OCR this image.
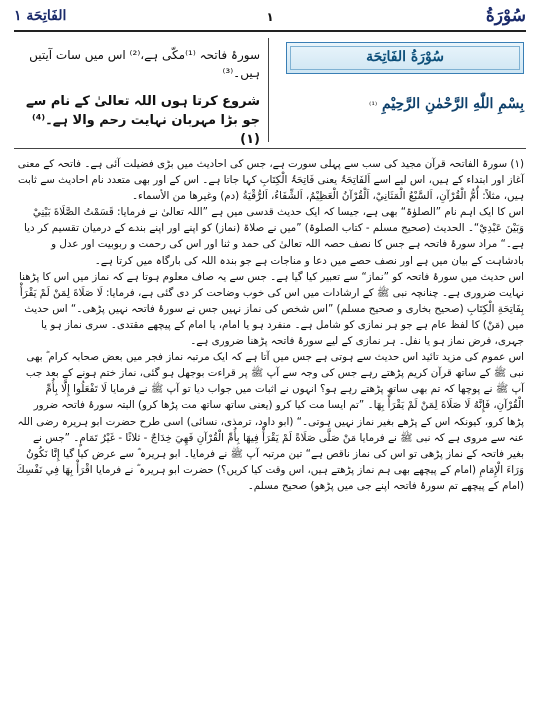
سُوْرَةُ
۱
الفَاتِحَة ۱
سُوْرَةُ الفَاتِحَة
بِسْمِ اللّٰهِ الرَّحْمٰنِ الرَّحِيْمِ ⁽¹⁾
سورۂ فاتحہ ⁽¹⁾مکّی ہے،⁽²⁾ اس میں سات آیتیں ہیں۔⁽³⁾
شروع کرتا ہوں اللہ تعالیٰ کے نام سے جو بڑا مہربان نہایت رحم والا ہے۔⁽⁴⁾ (۱)

(۱) سورۃ الفاتحہ قرآن مجید کی سب سے پہلی سورت ہے، جس کی احادیث میں بڑی فضیلت آئی ہے۔ فاتحہ کے معنی آغاز اور ابتداء کے ہیں، اس لیے اسے اَلفَاتِحَۃُ یعنی فَاتِحَۃُ الْکِتَابِ کہا جاتا ہے۔ اس کے اور بھی متعدد نام احادیث سے ثابت ہیں، مثلاً: أُمُّ الْقُرْآنِ، اَلسَّبْعُ الْمَثَانِيْ، اَلْقُرْآنُ الْعَظِيْمُ، اَلشِّفَاءُ، اَلرُّقْيَةُ (دم) وغیرها من الأسماء۔

اس کا ایک اہم نام ”الصلوٰۃ“ بھی ہے، جیسا کہ ایک حدیث قدسی میں ہے ”اللہ تعالیٰ نے فرمایا: قَسَمْتُ الصَّلَاةَ بَيْنِيْ وَبَيْنَ عَبْدِيْ“۔ الحدیث (صحیح مسلم - کتاب الصلوۃ) ”میں نے صلاۃ (نماز) کو اپنے اور اپنے بندے کے درمیان تقسیم کر دیا ہے۔“ مراد سورۂ فاتحہ ہے جس کا نصف حصہ اللہ تعالیٰ کی حمد و ثنا اور اس کی رحمت و ربوبیت اور عدل و بادشاہت کے بیان میں ہے اور نصف حصے میں دعا و مناجات ہے جو بندہ اللہ کی بارگاہ میں کرتا ہے۔

اس حدیث میں سورۂ فاتحہ کو ”نماز“ سے تعبیر کیا گیا ہے۔ جس سے یہ صاف معلوم ہوتا ہے کہ نماز میں اس کا پڑھنا نہایت ضروری ہے۔ چنانچہ نبی ﷺ کے ارشادات میں اس کی خوب وضاحت کر دی گئی ہے، فرمایا: لَا صَلَاةَ لِمَنْ لَمْ يَقْرَأْ بِفَاتِحَةِ الْكِتَابِ (صحیح بخاری و صحیح مسلم) ”اس شخص کی نماز نہیں جس نے سورۂ فاتحہ نہیں پڑھی۔“ اس حدیث میں (مَنْ) کا لفظ عام ہے جو ہر نمازی کو شامل ہے۔ منفرد ہو یا امام، یا امام کے پیچھے مقتدی۔ سری نماز ہو یا جہری، فرض نماز ہو یا نفل۔ ہر نمازی کے لیے سورۂ فاتحہ پڑھنا ضروری ہے۔

اس عموم کی مزید تائید اس حدیث سے ہوتی ہے جس میں آتا ہے کہ ایک مرتبہ نماز فجر میں بعض صحابہ کرام ؓ بھی نبی ﷺ کے ساتھ قرآن کریم پڑھتے رہے جس کی وجہ سے آپ ﷺ پر قراءت بوجھل ہو گئی، نماز ختم ہونے کے بعد جب آپ ﷺ نے پوچھا کہ تم بھی ساتھ پڑھتے رہے ہو؟ انہوں نے اثبات میں جواب دیا تو آپ ﷺ نے فرمایا لَا تَفْعَلُوا إِلَّا بِأُمِّ الْقُرْآنِ، فَإِنَّهُ لَا صَلَاةَ لِمَنْ لَمْ يَقْرَأْ بِهَا۔ ”تم ایسا مت کیا کرو (یعنی ساتھ ساتھ مت پڑھا کرو) البتہ سورۂ فاتحہ ضرور پڑھا کرو، کیونکہ اس کے پڑھے بغیر نماز نہیں ہوتی۔“ (ابو داود، ترمذی، نسائی) اسی طرح حضرت ابو ہریرہ رضی اللہ عنہ سے مروی ہے کہ نبی ﷺ نے فرمایا مَنْ صَلَّى صَلَاةً لَمْ يَقْرَأْ فِيهَا بِأُمِّ الْقُرْآنِ فَهِيَ خِدَاجٌ - ثلاثًا - غَيْرُ تَمَامٍ۔ ”جس نے بغیر فاتحہ کے نماز پڑھی تو اس کی نماز ناقص ہے“ تین مرتبہ آپ ﷺ نے فرمایا۔ ابو ہریرہ ؓ سے عرض کیا گیا إِنَّا نَكُونُ وَرَاءَ الْإِمَامِ (امام کے پیچھے بھی ہم نماز پڑھتے ہیں، اس وقت کیا کریں؟) حضرت ابو ہریرہ ؓ نے فرمایا اقْرَأْ بِهَا فِي نَفْسِكَ (امام کے پیچھے تم سورۂ فاتحہ اپنے جی میں پڑھو) صحیح مسلم۔
